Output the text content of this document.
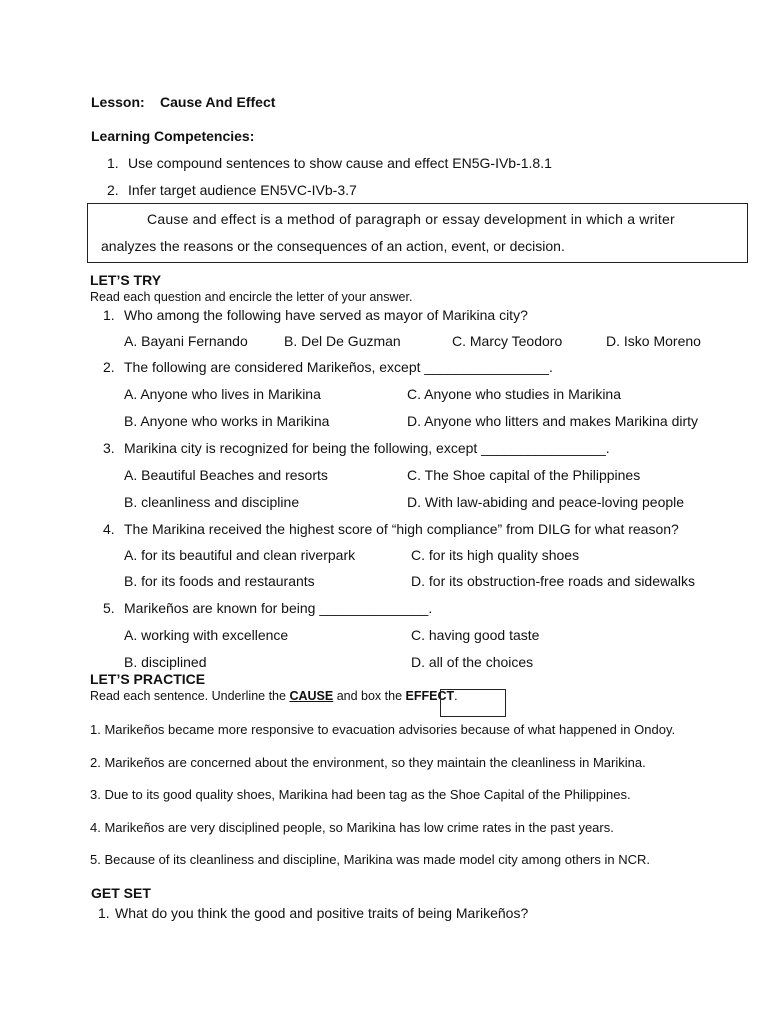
Lesson: Cause And Effect
Learning Competencies:
1. Use compound sentences to show cause and effect EN5G-IVb-1.8.1
2. Infer target audience EN5VC-IVb-3.7
Cause and effect is a method of paragraph or essay development in which a writer
analyzes the reasons or the consequences of an action, event, or decision.
LET’S TRY
Read each question and encircle the letter of your answer.
1. Who among the following have served as mayor of Marikina city?
A. Bayani Fernando	B. Del De Guzman	C. Marcy Teodoro	D. Isko Moreno
2. The following are considered Marikeños, except ________________.
A. Anyone who lives in Marikina	C. Anyone who studies in Marikina
B. Anyone who works in Marikina	D. Anyone who litters and makes Marikina dirty
3. Marikina city is recognized for being the following, except ________________.
A. Beautiful Beaches and resorts	C. The Shoe capital of the Philippines
B. cleanliness and discipline	D. With law-abiding and peace-loving people
4. The Marikina received the highest score of “high compliance” from DILG for what reason?
A. for its beautiful and clean riverpark	C. for its high quality shoes
B. for its foods and restaurants	D. for its obstruction-free roads and sidewalks
5. Marikeños are known for being ______________.
A. working with excellence	C. having good taste
B. disciplined	D. all of the choices
LET’S PRACTICE
Read each sentence. Underline the CAUSE and box the EFFECT.
1. Marikeños became more responsive to evacuation advisories because of what happened in Ondoy.
2. Marikeños are concerned about the environment, so they maintain the cleanliness in Marikina.
3. Due to its good quality shoes, Marikina had been tag as the Shoe Capital of the Philippines.
4. Marikeños are very disciplined people, so Marikina has low crime rates in the past years.
5. Because of its cleanliness and discipline, Marikina was made model city among others in NCR.
GET SET
1. What do you think the good and positive traits of being Marikeños?
